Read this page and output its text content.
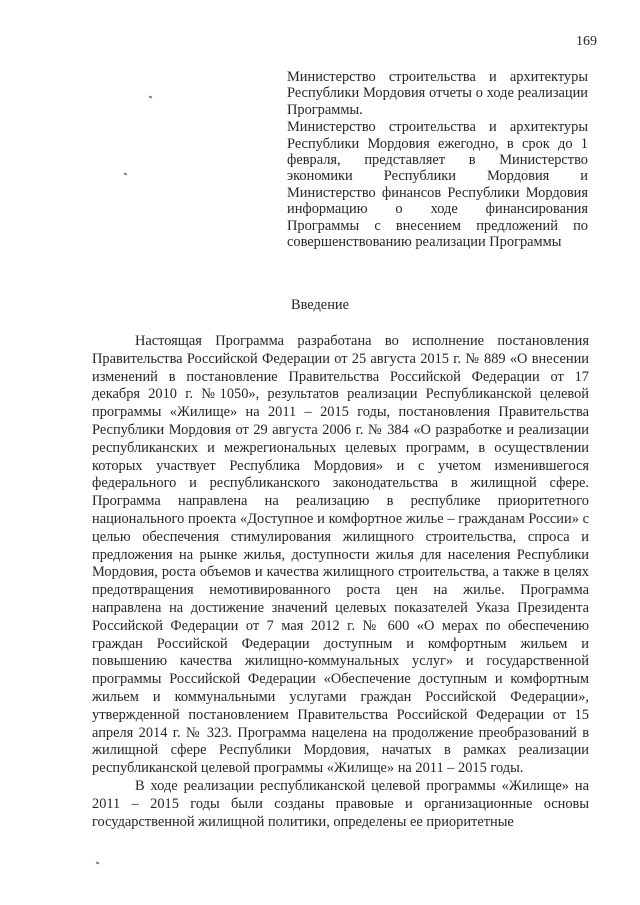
169

Министерство строительства и архитектуры Республики Мордовия отчеты о ходе реализации Программы.

Министерство строительства и архитектуры Республики Мордовия ежегодно, в срок до 1 февраля, представляет в Министерство экономики Республики Мордовия и Министерство финансов Республики Мордовия информацию о ходе финансирования Программы с внесением предложений по совершенствованию реализации Программы

Введение

Настоящая Программа разработана во исполнение постановления Правительства Российской Федерации от 25 августа 2015 г. № 889 «О внесении изменений в постановление Правительства Российской Федерации от 17 декабря 2010 г. №1050», результатов реализации Республиканской целевой программы «Жилище» на 2011 – 2015 годы, постановления Правительства Республики Мордовия от 29 августа 2006 г. № 384 «О разработке и реализации республиканских и межрегиональных целевых программ, в осуществлении которых участвует Республика Мордовия» и с учетом изменившегося федерального и республиканского законодательства в жилищной сфере. Программа направлена на реализацию в республике приоритетного национального проекта «Доступное и комфортное жилье – гражданам России» с целью обеспечения стимулирования жилищного строительства, спроса и предложения на рынке жилья, доступности жилья для населения Республики Мордовия, роста объемов и качества жилищного строительства, а также в целях предотвращения немотивированного роста цен на жилье. Программа направлена на достижение значений целевых показателей Указа Президента Российской Федерации от 7 мая 2012 г. № 600 «О мерах по обеспечению граждан Российской Федерации доступным и комфортным жильем и повышению качества жилищно-коммунальных услуг» и государственной программы Российской Федерации «Обеспечение доступным и комфортным жильем и коммунальными услугами граждан Российской Федерации», утвержденной постановлением Правительства Российской Федерации от 15 апреля 2014 г. № 323. Программа нацелена на продолжение преобразований в жилищной сфере Республики Мордовия, начатых в рамках реализации республиканской целевой программы «Жилище» на 2011 – 2015 годы.

В ходе реализации республиканской целевой программы «Жилище» на 2011 – 2015 годы были созданы правовые и организационные основы государственной жилищной политики, определены ее приоритетные
